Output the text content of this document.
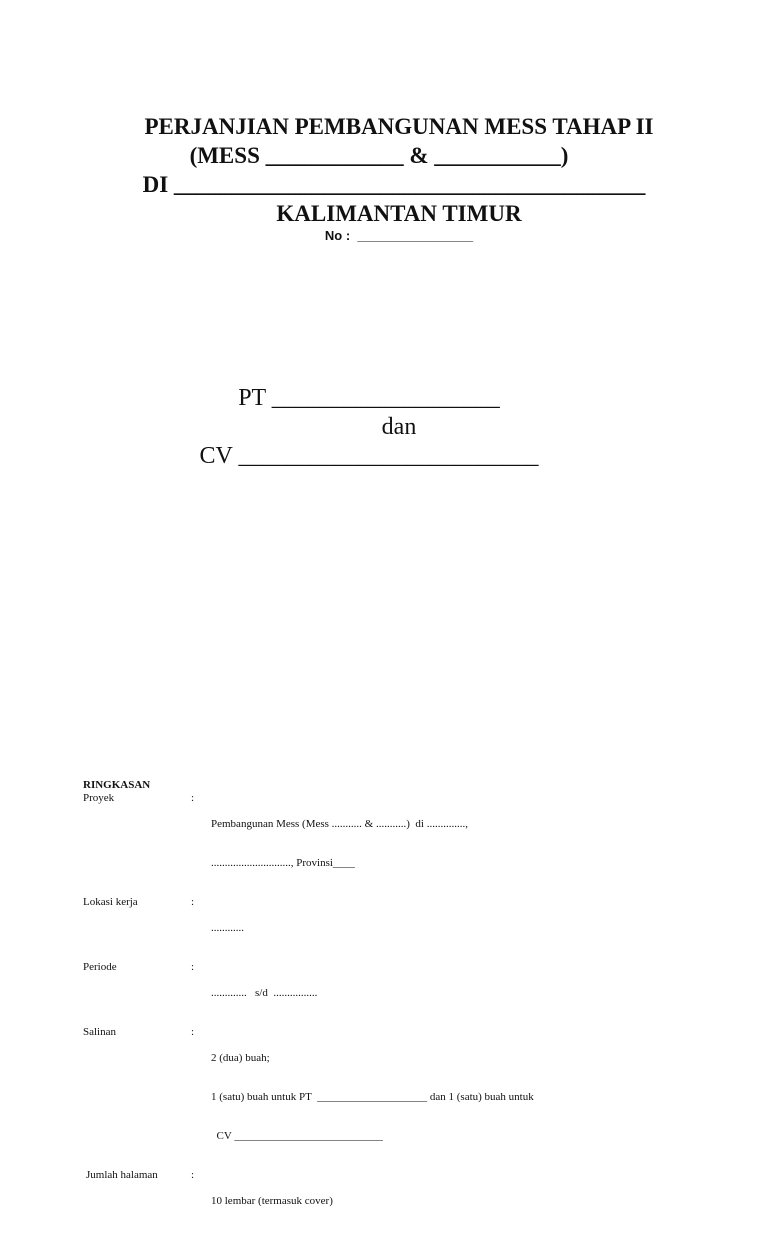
PERJANJIAN PEMBANGUNAN MESS TAHAP II
(MESS ____________ & ___________)
DI _________________________________________
KALIMANTAN TIMUR
No :  ________________
PT ___________________
dan
CV _________________________
RINGKASAN
Proyek	:

Pembangunan Mess (Mess ........... & ...........)  di ..............,

............................., Provinsi____

Lokasi kerja	:

............

Periode	:

.............   s/d  ................

Salinan	:

2 (dua) buah;

1 (satu) buah untuk PT  ____________________ dan 1 (satu) buah untuk

CV ___________________________

Jumlah halaman	:

10 lembar (termasuk cover)
